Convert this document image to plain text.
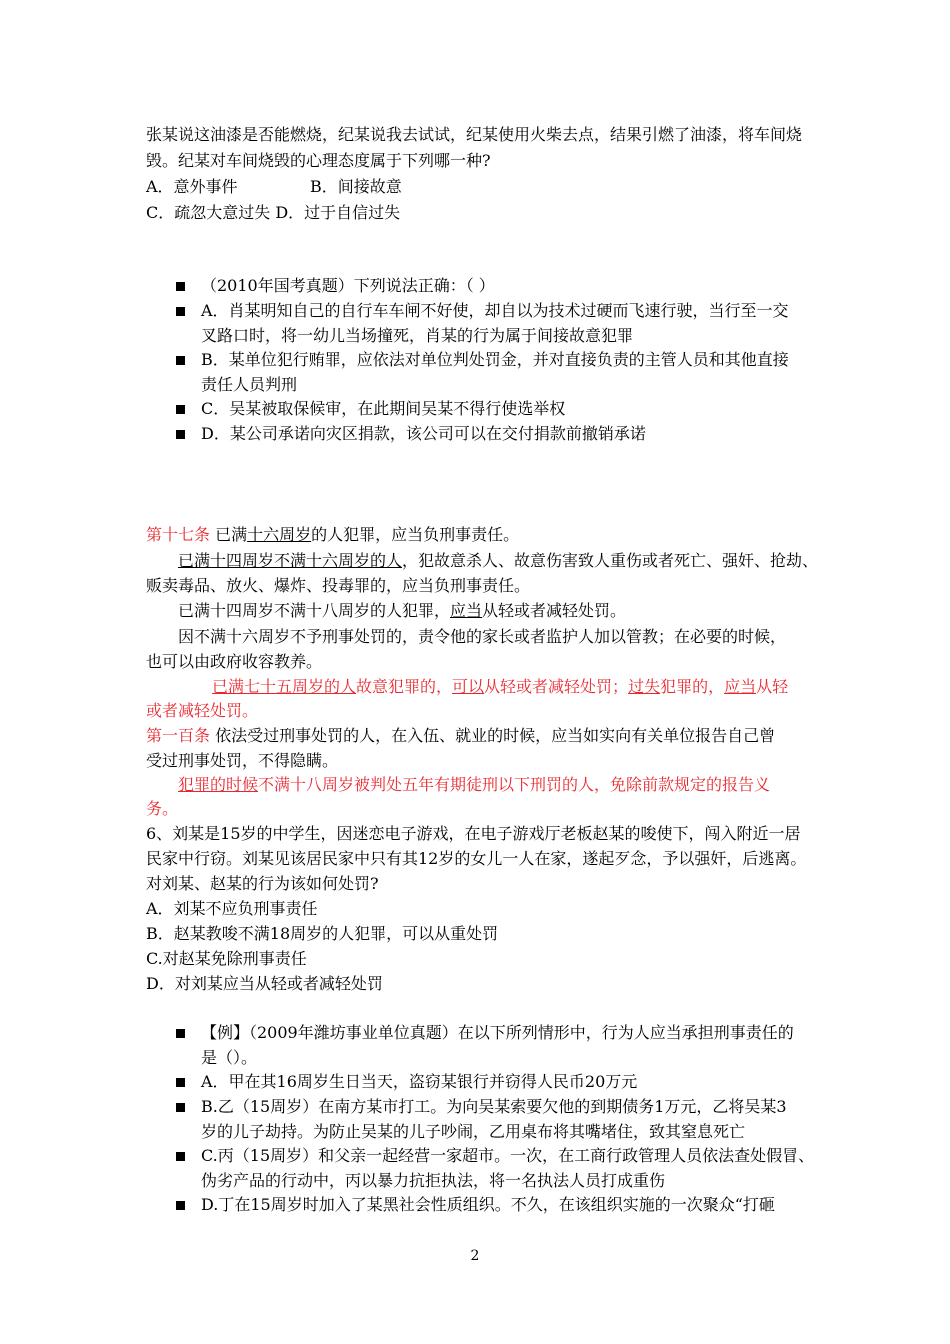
张某说这油漆是否能燃烧，纪某说我去试试，纪某使用火柴去点，结果引燃了油漆，将车间烧
毁。纪某对车间烧毁的心理态度属于下列哪一种?
A．意外事件	B．间接故意
C．疏忽大意过失 D．过于自信过失
（2010年国考真题）下列说法正确：（ ）
A．肖某明知自己的自行车车闸不好使，却自以为技术过硬而飞速行驶，当行至一交
叉路口时，将一幼儿当场撞死，肖某的行为属于间接故意犯罪
B．某单位犯行贿罪，应依法对单位判处罚金，并对直接负责的主管人员和其他直接
责任人员判刑
C．吴某被取保候审，在此期间吴某不得行使选举权
D．某公司承诺向灾区捐款，该公司可以在交付捐款前撤销承诺
第十七条 已满十六周岁的人犯罪，应当负刑事责任。
已满十四周岁不满十六周岁的人，犯故意杀人、故意伤害致人重伤或者死亡、强奸、抢劫、
贩卖毒品、放火、爆炸、投毒罪的，应当负刑事责任。
已满十四周岁不满十八周岁的人犯罪，应当从轻或者减轻处罚。
因不满十六周岁不予刑事处罚的，责令他的家长或者监护人加以管教；在必要的时候，
也可以由政府收容教养。
已满七十五周岁的人故意犯罪的，可以从轻或者减轻处罚；过失犯罪的，应当从轻
或者减轻处罚。
第一百条 依法受过刑事处罚的人，在入伍、就业的时候，应当如实向有关单位报告自己曾
受过刑事处罚，不得隐瞒。
犯罪的时候不满十八周岁被判处五年有期徒刑以下刑罚的人，免除前款规定的报告义
务。
6、刘某是15岁的中学生，因迷恋电子游戏，在电子游戏厅老板赵某的唆使下，闯入附近一居
民家中行窃。刘某见该居民家中只有其12岁的女儿一人在家，遂起歹念，予以强奸，后逃离。
对刘某、赵某的行为该如何处罚?
A．刘某不应负刑事责任
B．赵某教唆不满18周岁的人犯罪，可以从重处罚
C.对赵某免除刑事责任
D．对刘某应当从轻或者减轻处罚
【例】（2009年潍坊事业单位真题）在以下所列情形中，行为人应当承担刑事责任的
是（）。
A．甲在其16周岁生日当天，盗窃某银行并窃得人民币20万元
B.乙（15周岁）在南方某市打工。为向吴某索要欠他的到期债务1万元，乙将吴某3
岁的儿子劫持。为防止吴某的儿子吵闹，乙用桌布将其嘴堵住，致其窒息死亡
C.丙（15周岁）和父亲一起经营一家超市。一次，在工商行政管理人员依法查处假冒、
伪劣产品的行动中，丙以暴力抗拒执法，将一名执法人员打成重伤
D.丁在15周岁时加入了某黑社会性质组织。不久，在该组织实施的一次聚众“打砸
2
